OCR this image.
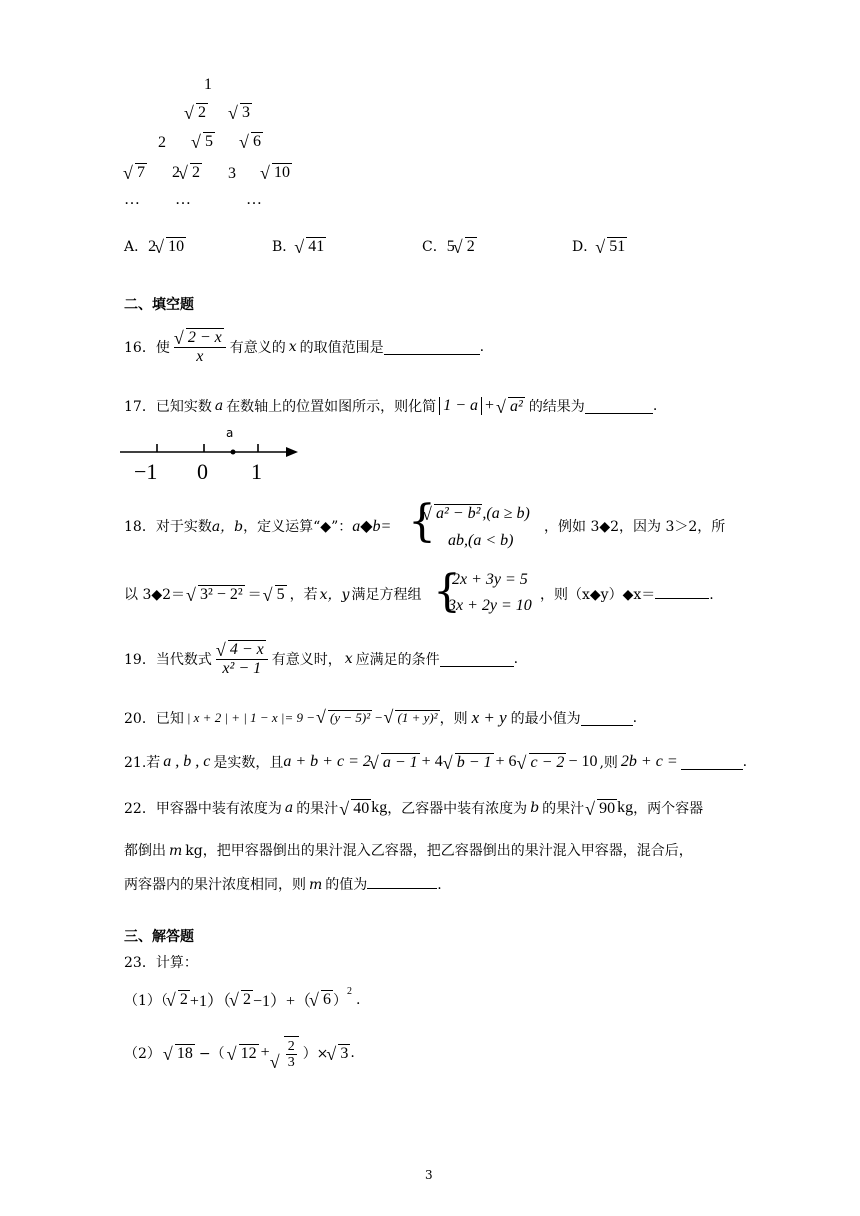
1
√ 2	√ 3
2	√ 5	√ 6
√ 7 2 √ 2 3	√ 10
… …	…
A．2 √ 10	B． √ 41	C．5 √ 2	D． √ 51
二、填空题
16．使 √ $\frac{2 - x}{x}$ 有意义的 x 的取值范围是	.
17．已知实数 a 在数轴上的位置如图所示，则化简 1 − a +	√ a² 的结果为	.
a
−1 0 1
18．对于实数a，b，定义运算“◆”：a◆b= { √ a² − b² ,(a ≥ b)
ab,(a < b)
，例如 3◆2，因为 3＞2，所
以 3◆2＝ √ 3² − 2² ＝ √ 5 ，若 x，y 满足方程组 {
2x + 3y = 5
3x + 2y = 10
，则（x◆y）◆x＝	.
19．当代数式 √ $\frac{4 - x}{\text{x² − 1}}$ 有意义时， x 应满足的条件	.
20．已知 | x + 2 | + | 1 − x |= 9 −	√ (y − 5)² −	√ (1 + y)² ，则 x + y 的最小值为	.
21.若 a , b , c 是实数，且 a + b + c = 2 √ a − 1 + 4 √ b − 1 + 6 √ c − 2 − 10 ,则 2b + c =	.
22．甲容器中装有浓度为 a 的果汁 √ 40 kg ，乙容器中装有浓度为 b 的果汁 √ 90 kg ，两个容器
都倒出 m kg，把甲容器倒出的果汁混入乙容器，把乙容器倒出的果汁混入甲容器，混合后，
两容器内的果汁浓度相同，则 m 的值为	.
三、解答题
23．计算：
（1）（ √ 2 +1）（ √ 2 −1）+（ √ 6 ）
2 .
（2）	√ 18 −（	√ 12 + √ $\frac{2}{3}$ ）× √ 3 .
3
